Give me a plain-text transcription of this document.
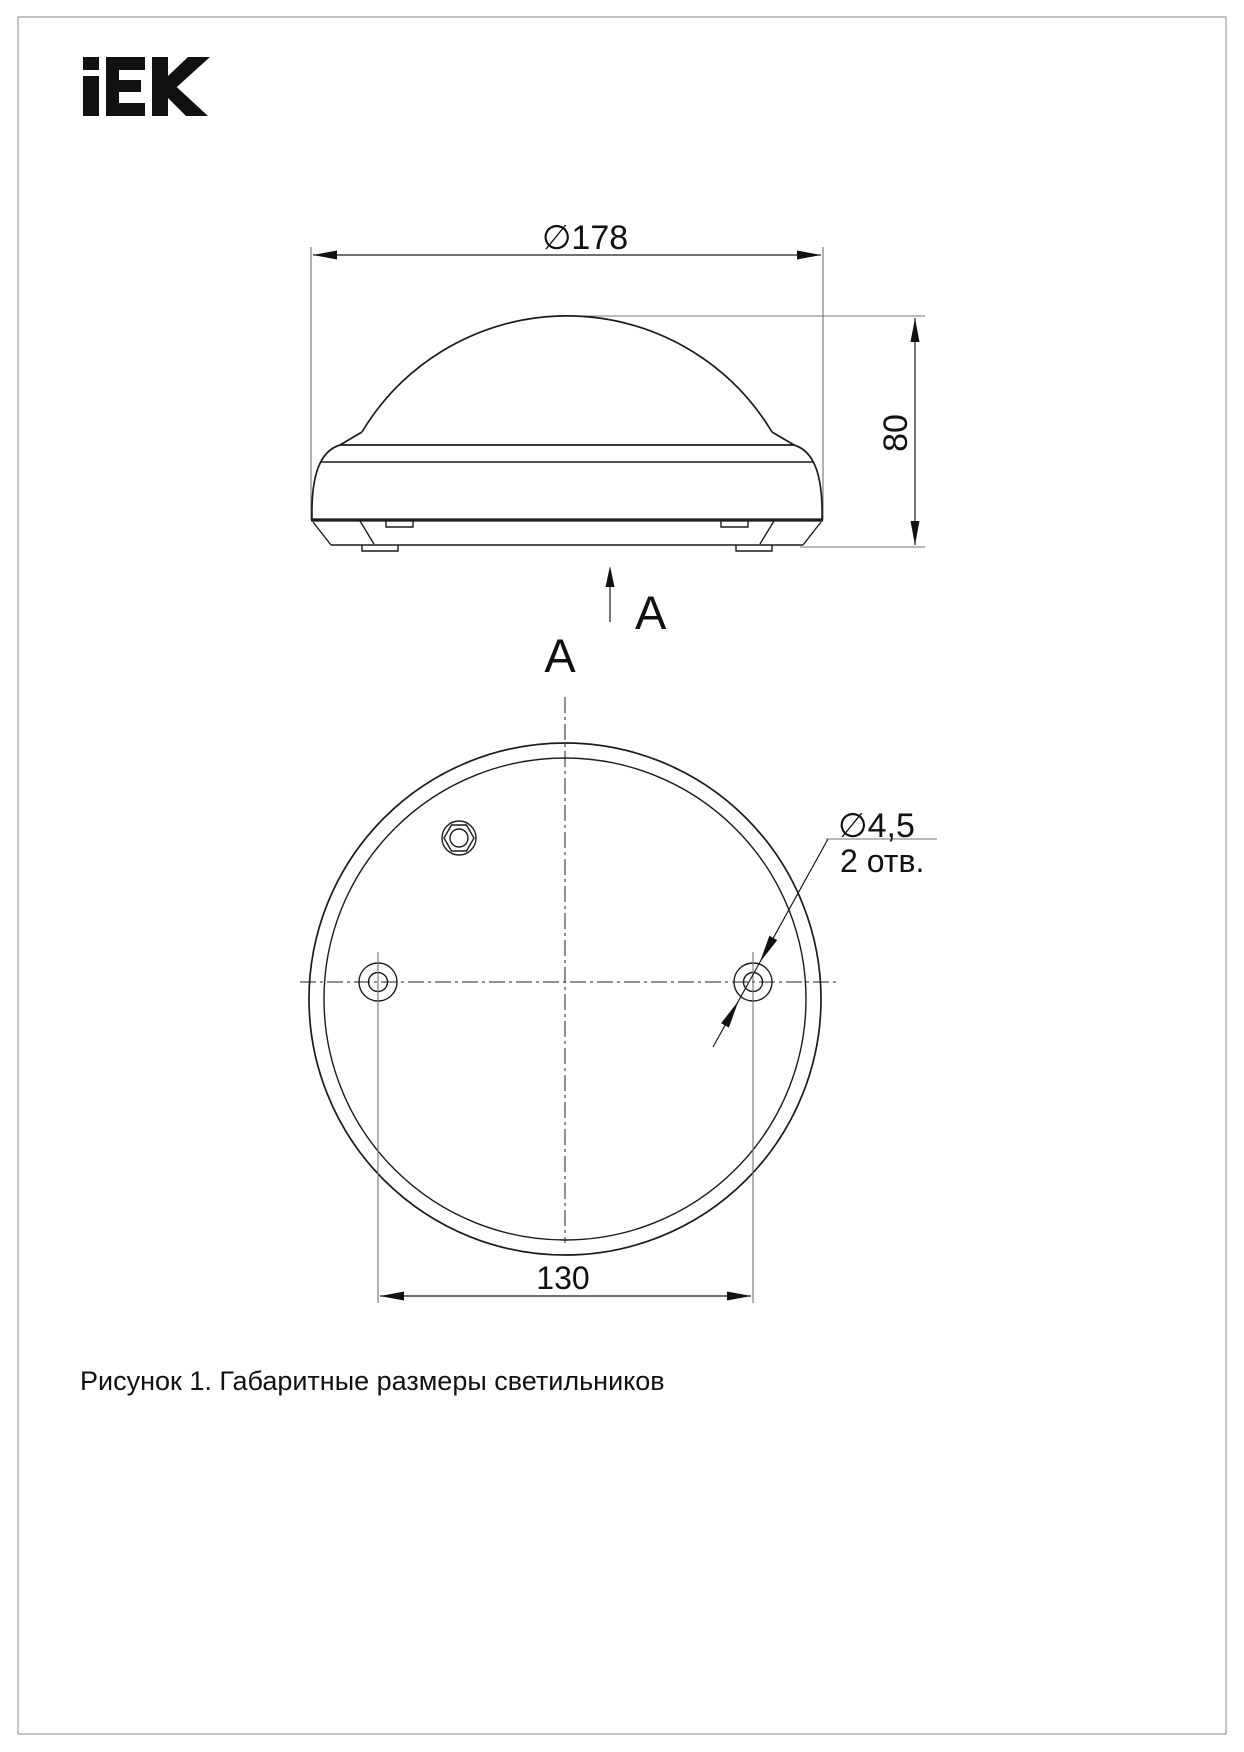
∅178
80
A
A
∅4,5
2 отв.
130
Рисунок 1. Габаритные размеры светильников
